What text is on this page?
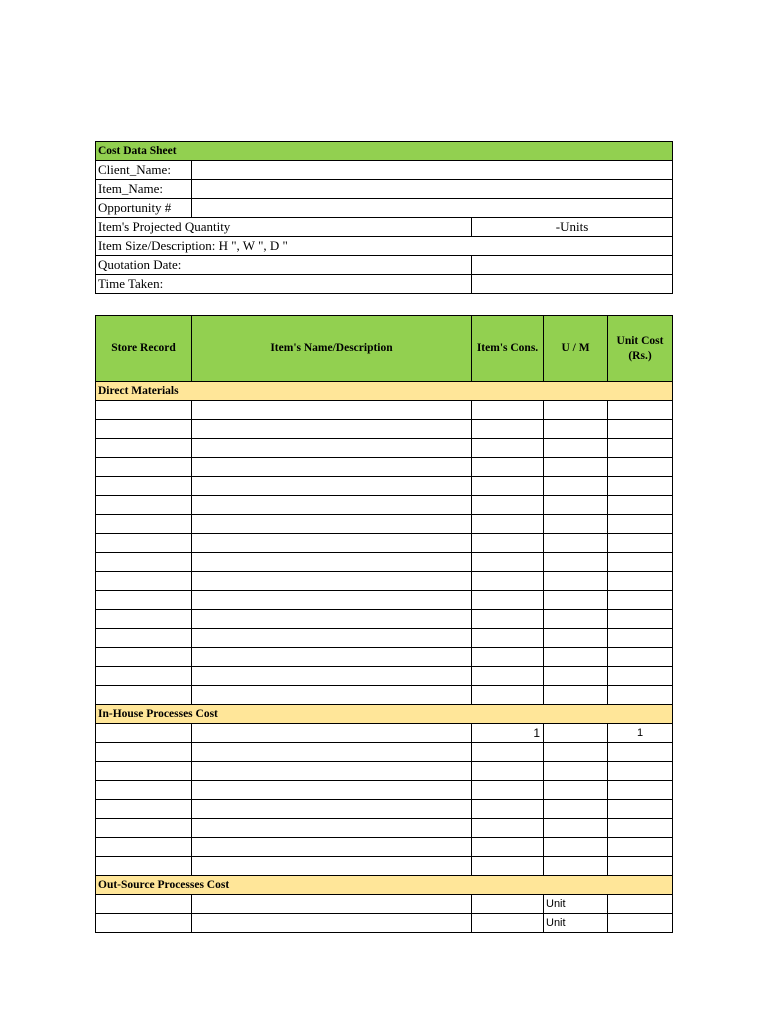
Cost Data Sheet		
Client_Name:		
Item_Name:		
Opportunity #		
Item's Projected Quantity		-Units
Item Size/Description: H ", W ", D "		
Quotation Date:		
Time Taken:		
Store Record	Item's Name/Description	Item's Cons.	U / M	Unit Cost (Rs.)
Direct Materials				

In-House Processes Cost				
		1		1

Out-Source Processes Cost				
			Unit	
			Unit	
